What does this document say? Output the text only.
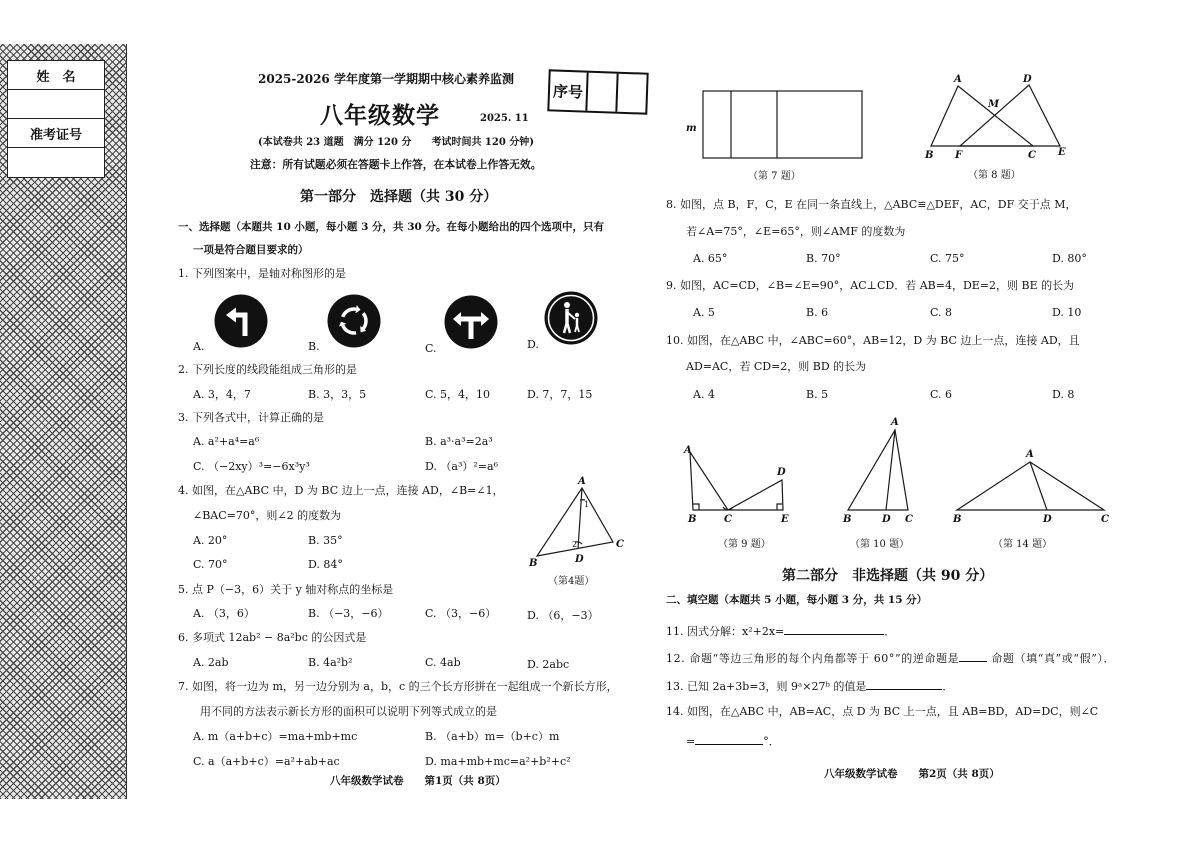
姓　名
准考证号
2025-2026 学年度第一学期期中核心素养监测
八年级数学	2025. 11
序号
(本试卷共 23 道题　满分 120 分　　考试时间共 120 分钟)
注意：所有试题必须在答题卡上作答，在本试卷上作答无效。
第一部分　选择题（共 30 分）
一、选择题（本题共 10 小题，每小题 3 分，共 30 分。在每小题给出的四个选项中，只有
一项是符合题目要求的）
1. 下列图案中，是轴对称图形的是
A.	B.	C.	D.
2. 下列长度的线段能组成三角形的是
A. 3，4，7	B. 3，3，5	C. 5，4，10	D. 7，7，15
3. 下列各式中，计算正确的是
A. a²+a⁴=a⁶	B. a³·a³=2a³
C. （−2xy）³=−6x³y³	D. （a³）²=a⁶
4. 如图，在△ABC 中，D 为 BC 边上一点，连接 AD，∠B=∠1，
∠BAC=70°，则∠2 的度数为
A. 20°	B. 35°
C. 70°	D. 84°
A
B
C
D
1
2
（第4题）
5. 点 P（−3，6）关于 y 轴对称点的坐标是
A. （3，6）	B. （−3，−6）	C. （3，−6）	D. （6，−3）
6. 多项式 12ab² − 8a²bc 的公因式是
A. 2ab	B. 4a²b²	C. 4ab	D. 2abc
7. 如图，将一边为 m，另一边分别为 a，b，c 的三个长方形拼在一起组成一个新长方形，
用不同的方法表示新长方形的面积可以说明下列等式成立的是
A. m（a+b+c）=ma+mb+mc	B. （a+b）m=（b+c）m
C. a（a+b+c）=a²+ab+ac	D. ma+mb+mc=a²+b²+c²
八年级数学试卷　　第1页（共 8页）
m
（第 7 题）
A	D
M
B F	C E
（第 8 题）
8. 如图，点 B，F，C，E 在同一条直线上，△ABC≌△DEF，AC，DF 交于点 M，
若∠A=75°，∠E=65°，则∠AMF 的度数为
A. 65°	B. 70°	C. 75°	D. 80°
9. 如图，AC=CD，∠B=∠E=90°，AC⊥CD．若 AB=4，DE=2，则 BE 的长为
A. 5	B. 6	C. 8	D. 10
10. 如图，在△ABC 中，∠ABC=60°，AB=12，D 为 BC 边上一点，连接 AD，且
AD=AC，若 CD=2，则 BD 的长为
A. 4	B. 5	C. 6	D. 8
A
B	C	E
D
（第 9 题）
A
B	D C
（第 10 题）
A
B	D	C
（第 14 题）
第二部分　非选择题（共 90 分）
二、填空题（本题共 5 小题，每小题 3 分，共 15 分）
11. 因式分解：x²+2x=	．
12. 命题“等边三角形的每个内角都等于 60°”的逆命题是	命题（填“真”或“假”）．
13. 已知 2a+3b=3，则 9ᵃ×27ᵇ 的值是	．
14. 如图，在△ABC 中，AB=AC，点 D 为 BC 上一点，且 AB=BD，AD=DC，则∠C
=	°．
八年级数学试卷　　第2页（共 8页）
